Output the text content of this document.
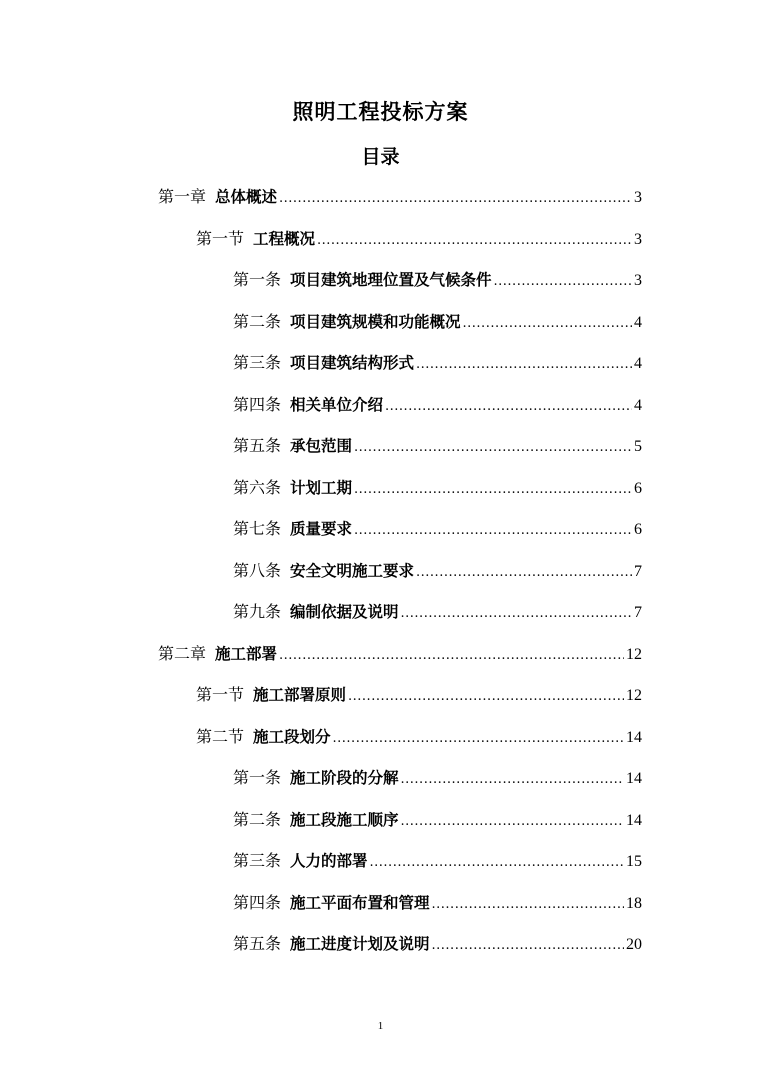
照明工程投标方案
目录
第一章 总体概述 .....	3
第一节 工程概况 .....	3
第一条 项目建筑地理位置及气候条件 .....	3
第二条 项目建筑规模和功能概况 .....	4
第三条 项目建筑结构形式 .....	4
第四条 相关单位介绍 .....	4
第五条 承包范围 .....	5
第六条 计划工期 .....	6
第七条 质量要求 .....	6
第八条 安全文明施工要求 .....	7
第九条 编制依据及说明 .....	7
第二章 施工部署 .....	12
第一节 施工部署原则 .....	12
第二节 施工段划分 .....	14
第一条 施工阶段的分解 .....	14
第二条 施工段施工顺序 .....	14
第三条 人力的部署 .....	15
第四条 施工平面布置和管理 .....	18
第五条 施工进度计划及说明 .....	20
1
